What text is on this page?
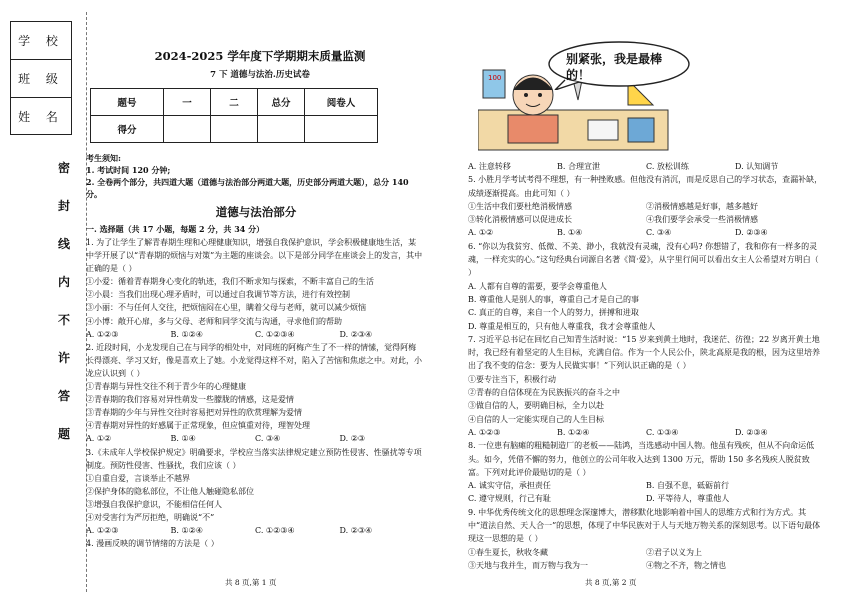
学 校
班 级
姓 名
密
封
线
内
不
许
答
题
2024-2025 学年度下学期期末质量监测
7 下 道德与法治.历史试卷
题号	一	二	总分	阅卷人
得分				

考生须知:

1. 考试时间 120 分钟;

2. 全卷两个部分，共四道大题（道德与法治部分两道大题，历史部分两道大题），总分 140 分。

道德与法治部分
一. 选择题（共 17 小题，每题 2 分，共 34 分）

1. 为了让学生了解青春期生理和心理健康知识，增强自我保护意识，学会积极健康地生活，某中学开展了以“青春期的烦恼与对策”为主题的座谈会。以下是部分同学在座谈会上的发言，其中正确的是（ ）

①小爱：循着青春期身心变化的轨迹，我们不断求知与探索，不断丰富自己的生活

②小晨：当我们出现心理矛盾时，可以通过自我调节等方法，进行有效控制

③小丽：不与任何人交往，把烦恼闷在心里，瞒着父母与老师，就可以减少烦恼

④小博：敞开心扉，多与父母、老师和同学交流与沟通，寻求他们的帮助

A. ①②③	B. ①②④	C. ①②③④	D. ②③④

2. 近段时间，小龙发现自己在与同学的相处中，对同班的阿梅产生了不一样的情愫，觉得阿梅长得漂亮、学习又好，像是喜欢上了她。小龙觉得这样不对，陷入了苦恼和焦虑之中。对此，小龙应认识到（ ）

①青春期与异性交往不利于青少年的心理健康

②青春期的我们容易对异性萌发一些朦胧的情感，这是爱情

③青春期的少年与异性交往时容易把对异性的欣赏理解为爱情

④青春期对异性的好感属于正常现象，但应慎重对待，理智处理

A. ①②	B. ①④	C. ③④	D. ②③

3.《未成年人学校保护规定》明确要求，学校应当落实法律规定建立预防性侵害、性骚扰等专项制度。预防性侵害、性骚扰，我们应该（ ）

①自重自爱，言谈举止不越界

②保护身体的隐私部位，不让他人触碰隐私部位

③增强自我保护意识，不能相信任何人

④对受害行为严厉拒绝，明确说“不”

A. ①②③	B. ①②④	C. ①②③④	D. ②③④

4. 漫画反映的调节情绪的方法是（ ）

100
别紧张，我是最棒的！
A. 注意转移	B. 合理宣泄	C. 放松训练	D. 认知调节

5. 小胜月学考试考得不理想，有一种挫败感。但他没有消沉，而是反思自己的学习状态，查漏补缺，成绩逐渐提高。由此可知（ ）

①生活中我们要杜绝消极情感	②消极情感越是好事，越多越好
③转化消极情感可以促进成长	④我们要学会承受一些消极情感
A. ①②	B. ①④	C. ③④	D. ②③④

6. “你以为我贫穷、低微、不美、渺小，我就没有灵魂，没有心吗? 你想错了，我和你有一样多的灵魂，一样充实的心。”这句经典台词源自名著《简·爱》，从字里行间可以看出女主人公希望对方明白（ ）

A. 人都有自尊的需要，要学会尊重他人

B. 尊重他人是别人的事，尊重自己才是自己的事

C. 真正的自尊，来自一个人的努力，拼搏和进取

D. 尊重是相互的，只有他人尊重我，我才会尊重他人

7. 习近平总书记在回忆自己知青生活时说：“15 岁来到黄土地时，我迷茫、彷徨；22 岁离开黄土地时，我已经有着坚定的人生目标，充满自信。作为一个人民公仆，陕北高原是我的根，因为这里培养出了我不变的信念：要为人民做实事！”下列认识正确的是（ ）

①要专注当下，积极行动

②青春的自信体现在为民族振兴的奋斗之中

③做自信的人，要明确目标，全力以赴

④自信的人一定能实现自己的人生目标

A. ①②③	B. ①②④	C. ①③④	D. ②③④

8. 一位患有脑瘫的粗糙制造厂的老板——陆鸿，当选感动中国人物。他虽有残疾，但从不向命运低头。如今，凭借不懈的努力，他创立的公司年收入达到 1300 万元，帮助 150 多名残疾人脱贫致富。下列对此评价最贴切的是（ ）

A. 诚实守信，承担责任	B. 自强不息，砥砺前行
C. 遵守规则，行己有耻	D. 平等待人，尊重他人

9. 中华优秀传统文化的思想理念深邃博大，潜移默化地影响着中国人的思维方式和行为方式。其中“道法自然、天人合一”的思想，体现了中华民族对于人与天地万物关系的深刻思考。以下语句最体现这一思想的是（ ）

①春生夏长，秋收冬藏	②君子以义为上
③天地与我并生，而万物与我为一	④物之不齐，物之情也
共 8 页,第 1 页	共 8 页,第 2 页
